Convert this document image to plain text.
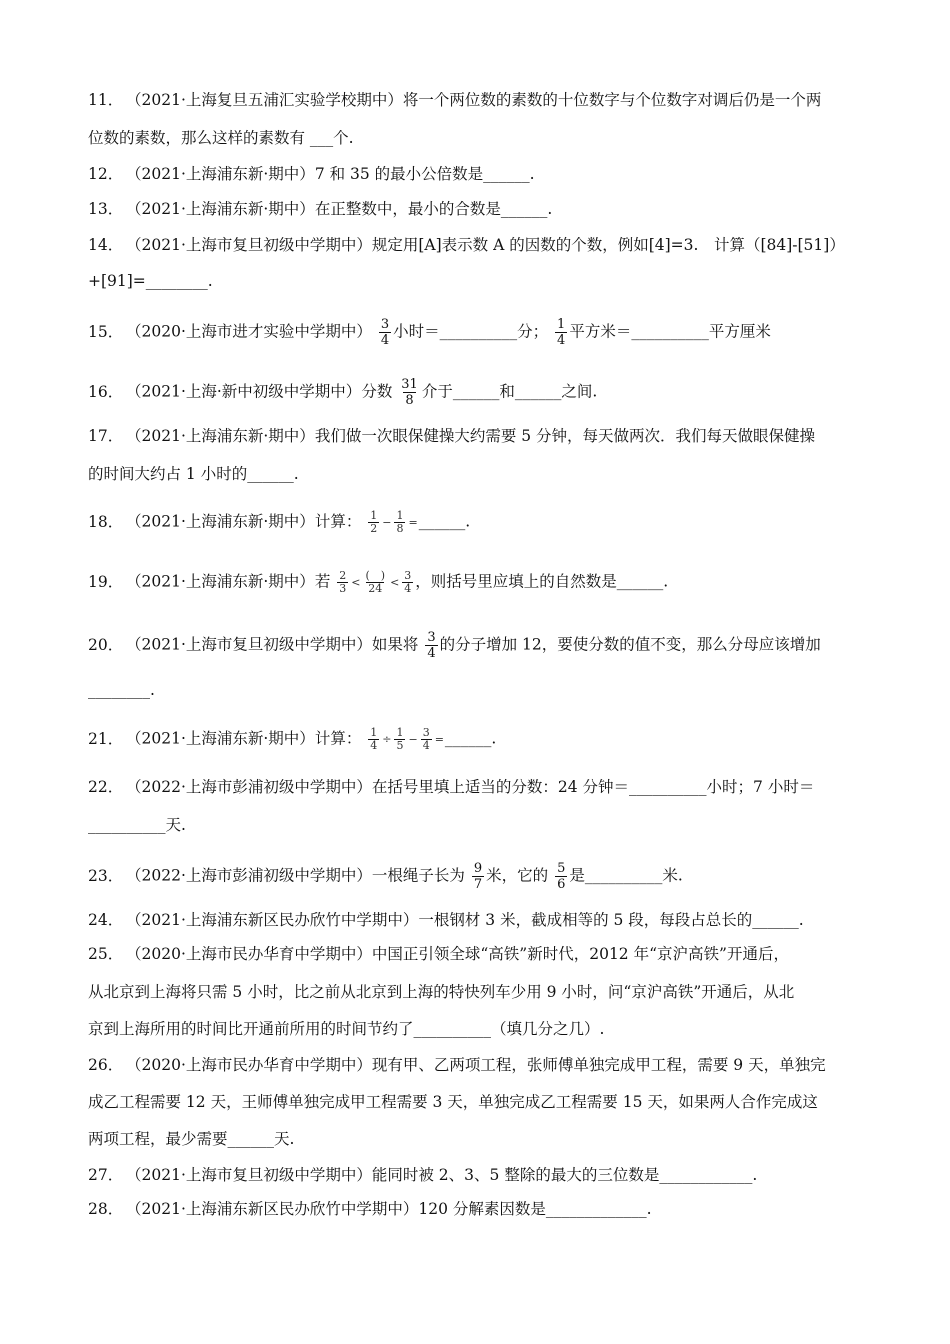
11． （2021·上海复旦五浦汇实验学校期中）将一个两位数的素数的十位数字与个位数字对调后仍是一个两
位数的素数，那么这样的素数有 ___个.
12． （2021·上海浦东新·期中）7 和 35 的最小公倍数是______.
13． （2021·上海浦东新·期中）在正整数中，最小的合数是______.
14． （2021·上海市复旦初级中学期中）规定用[A]表示数 A 的因数的个数，例如[4]=3.　计算（[84]-[51]）
+[91]=________.
15． （2020·上海市进才实验中学期中） $\frac{3}{4}$ 小时＝__________分； $\frac{1}{4}$ 平方米＝__________平方厘米
16． （2021·上海·新中初级中学期中）分数 $\frac{31}{8}$ 介于______和______之间.
17． （2021·上海浦东新·期中）我们做一次眼保健操大约需要 5 分钟，每天做两次．我们每天做眼保健操
的时间大约占 1 小时的______.
18． （2021·上海浦东新·期中）计算： $\frac{1}{2} - \frac{1}{8}$ =______.
19． （2021·上海浦东新·期中）若 $\frac{2}{3} < \frac{( )}{24} < \frac{3}{4}$ ，则括号里应填上的自然数是______.
20． （2021·上海市复旦初级中学期中）如果将 $\frac{3}{4}$ 的分子增加 12，要使分数的值不变，那么分母应该增加
________.
21． （2021·上海浦东新·期中）计算： $\frac{1}{4} \div \frac{1}{5} - \frac{3}{4}$ =______.
22． （2022·上海市彭浦初级中学期中）在括号里填上适当的分数：24 分钟＝__________小时；7 小时＝
__________天.
23． （2022·上海市彭浦初级中学期中）一根绳子长为 $\frac{9}{7}$ 米，它的 $\frac{5}{6}$ 是__________米.
24． （2021·上海浦东新区民办欣竹中学期中）一根钢材 3 米，截成相等的 5 段，每段占总长的______.
25． （2020·上海市民办华育中学期中）中国正引领全球“高铁”新时代，2012 年“京沪高铁”开通后，
从北京到上海将只需 5 小时，比之前从北京到上海的特快列车少用 9 小时，问“京沪高铁”开通后，从北
京到上海所用的时间比开通前所用的时间节约了__________（填几分之几）.
26． （2020·上海市民办华育中学期中）现有甲、乙两项工程，张师傅单独完成甲工程，需要 9 天，单独完
成乙工程需要 12 天，王师傅单独完成甲工程需要 3 天，单独完成乙工程需要 15 天，如果两人合作完成这
两项工程，最少需要______天.
27． （2021·上海市复旦初级中学期中）能同时被 2、3、5 整除的最大的三位数是____________.
28． （2021·上海浦东新区民办欣竹中学期中）120 分解素因数是_____________.
